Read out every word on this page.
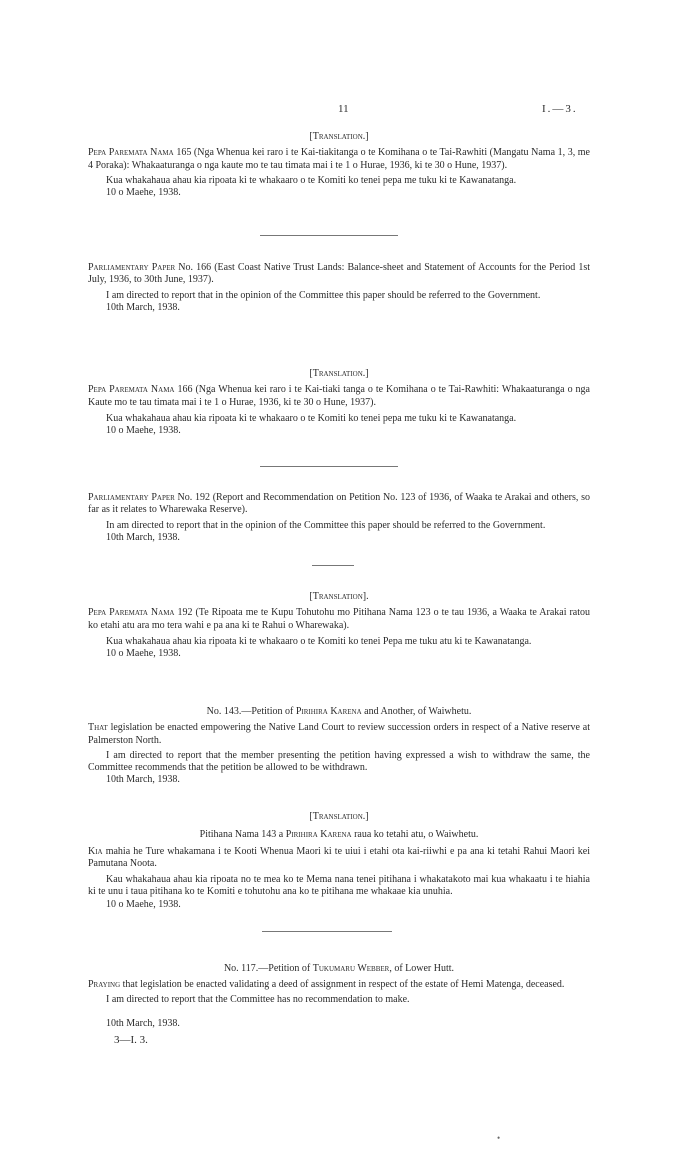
11	I.—3.

[Translation.]

Pepa Paremata Nama 165 (Nga Whenua kei raro i te Kai-tiakitanga o te Komihana o te Tai-Rawhiti (Mangatu Nama 1, 3, me 4 Poraka): Whakaaturanga o nga kaute mo te tau timata mai i te 1 o Hurae, 1936, ki te 30 o Hune, 1937).

Kua whakahaua ahau kia ripoata ki te whakaaro o te Komiti ko tenei pepa me tuku ki te Kawanatanga.

10 o Maehe, 1938.

Parliamentary Paper No. 166 (East Coast Native Trust Lands: Balance-sheet and Statement of Accounts for the Period 1st July, 1936, to 30th June, 1937).

I am directed to report that in the opinion of the Committee this paper should be referred to the Government.

10th March, 1938.

[Translation.]

Pepa Paremata Nama 166 (Nga Whenua kei raro i te Kai-tiaki tanga o te Komihana o te Tai-Rawhiti: Whakaaturanga o nga Kaute mo te tau timata mai i te 1 o Hurae, 1936, ki te 30 o Hune, 1937).

Kua whakahaua ahau kia ripoata ki te whakaaro o te Komiti ko tenei pepa me tuku ki te Kawanatanga.

10 o Maehe, 1938.

Parliamentary Paper No. 192 (Report and Recommendation on Petition No. 123 of 1936, of Waaka te Arakai and others, so far as it relates to Wharewaka Reserve).

In am directed to report that in the opinion of the Committee this paper should be referred to the Government.

10th March, 1938.

[Translation].

Pepa Paremata Nama 192 (Te Ripoata me te Kupu Tohutohu mo Pitihana Nama 123 o te tau 1936, a Waaka te Arakai ratou ko etahi atu ara mo tera wahi e pa ana ki te Rahui o Wharewaka).

Kua whakahaua ahau kia ripoata ki te whakaaro o te Komiti ko tenei Pepa me tuku atu ki te Kawanatanga.

10 o Maehe, 1938.

No. 143.—Petition of Pirihira Karena and Another, of Waiwhetu.

That legislation be enacted empowering the Native Land Court to review succession orders in respect of a Native reserve at Palmerston North.

I am directed to report that the member presenting the petition having expressed a wish to withdraw the same, the Committee recommends that the petition be allowed to be withdrawn.

10th March, 1938.

[Translation.]

Pitihana Nama 143 a Pirihira Karena raua ko tetahi atu, o Waiwhetu.

Kia mahia he Ture whakamana i te Kooti Whenua Maori ki te uiui i etahi ota kai-riiwhi e pa ana ki tetahi Rahui Maori kei Pamutana Noota.

Kau whakahaua ahau kia ripoata no te mea ko te Mema nana tenei pitihana i whakatakoto mai kua whakaatu i te hiahia ki te unu i taua pitihana ko te Komiti e tohutohu ana ko te pitihana me whakaae kia unuhia.

10 o Maehe, 1938.

No. 117.—Petition of Tukumaru Webber, of Lower Hutt.

Praying that legislation be enacted validating a deed of assignment in respect of the estate of Hemi Matenga, deceased.

I am directed to report that the Committee has no recommendation to make.

10th March, 1938.

3—I. 3.

•
